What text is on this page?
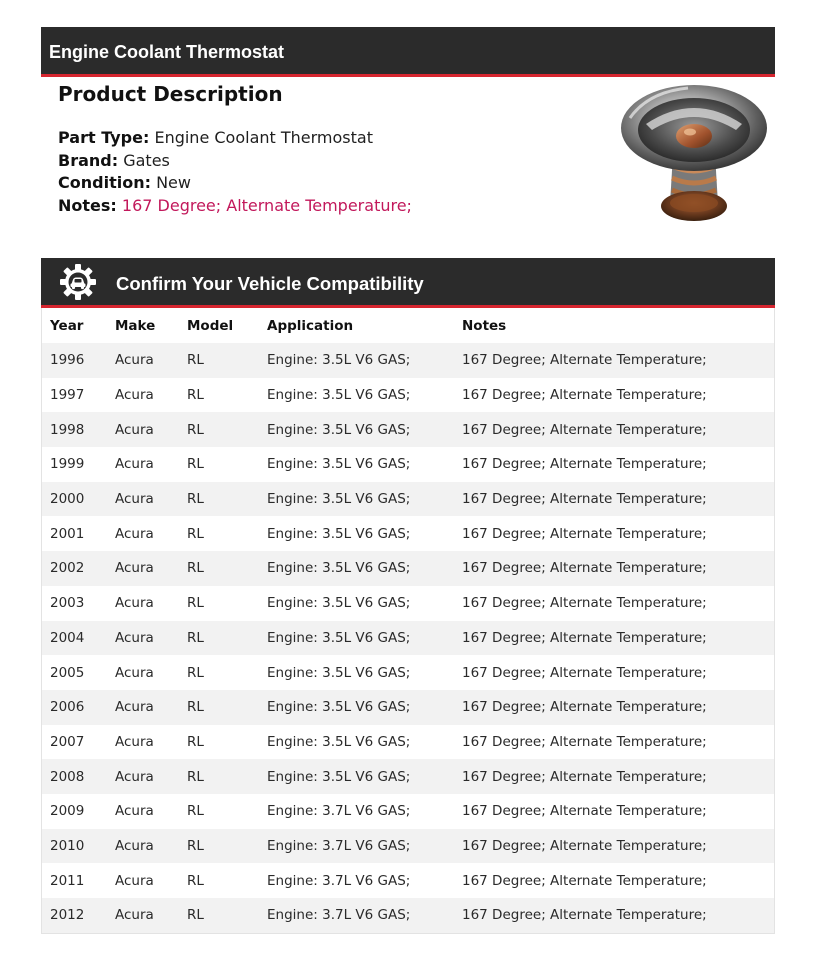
Engine Coolant Thermostat
Product Description
Part Type: Engine Coolant Thermostat
Brand: Gates
Condition: New
Notes: 167 Degree; Alternate Temperature;
Confirm Your Vehicle Compatibility
Year	Make	Model	Application	Notes
1996	Acura	RL	Engine: 3.5L V6 GAS;	167 Degree; Alternate Temperature;
1997	Acura	RL	Engine: 3.5L V6 GAS;	167 Degree; Alternate Temperature;
1998	Acura	RL	Engine: 3.5L V6 GAS;	167 Degree; Alternate Temperature;
1999	Acura	RL	Engine: 3.5L V6 GAS;	167 Degree; Alternate Temperature;
2000	Acura	RL	Engine: 3.5L V6 GAS;	167 Degree; Alternate Temperature;
2001	Acura	RL	Engine: 3.5L V6 GAS;	167 Degree; Alternate Temperature;
2002	Acura	RL	Engine: 3.5L V6 GAS;	167 Degree; Alternate Temperature;
2003	Acura	RL	Engine: 3.5L V6 GAS;	167 Degree; Alternate Temperature;
2004	Acura	RL	Engine: 3.5L V6 GAS;	167 Degree; Alternate Temperature;
2005	Acura	RL	Engine: 3.5L V6 GAS;	167 Degree; Alternate Temperature;
2006	Acura	RL	Engine: 3.5L V6 GAS;	167 Degree; Alternate Temperature;
2007	Acura	RL	Engine: 3.5L V6 GAS;	167 Degree; Alternate Temperature;
2008	Acura	RL	Engine: 3.5L V6 GAS;	167 Degree; Alternate Temperature;
2009	Acura	RL	Engine: 3.7L V6 GAS;	167 Degree; Alternate Temperature;
2010	Acura	RL	Engine: 3.7L V6 GAS;	167 Degree; Alternate Temperature;
2011	Acura	RL	Engine: 3.7L V6 GAS;	167 Degree; Alternate Temperature;
2012	Acura	RL	Engine: 3.7L V6 GAS;	167 Degree; Alternate Temperature;
